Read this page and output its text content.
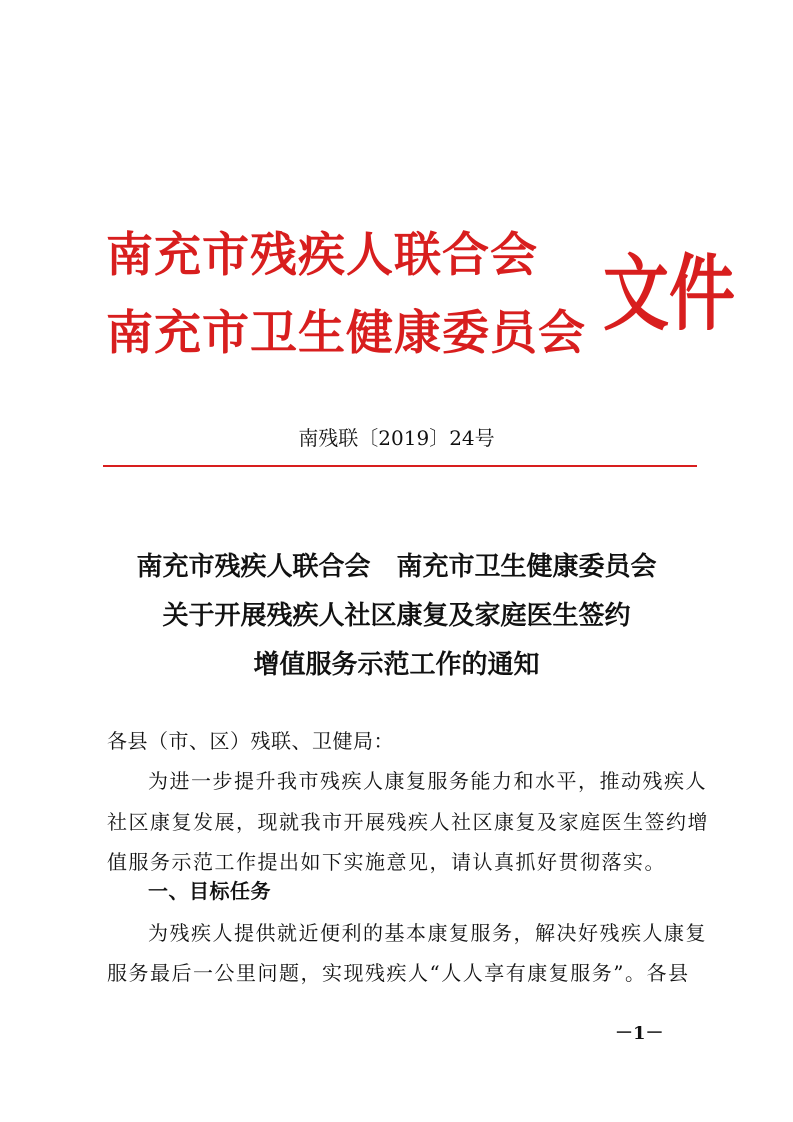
南充市残疾人联合会
南充市卫生健康委员会 文件
南残联〔2019〕24号
南充市残疾人联合会 南充市卫生健康委员会
关于开展残疾人社区康复及家庭医生签约
增值服务示范工作的通知
各县（市、区）残联、卫健局：
为进一步提升我市残疾人康复服务能力和水平，推动残疾人
社区康复发展，现就我市开展残疾人社区康复及家庭医生签约增
值服务示范工作提出如下实施意见，请认真抓好贯彻落实。
一、目标任务
为残疾人提供就近便利的基本康复服务，解决好残疾人康复
服务最后一公里问题，实现残疾人“人人享有康复服务”。各县
－1－
